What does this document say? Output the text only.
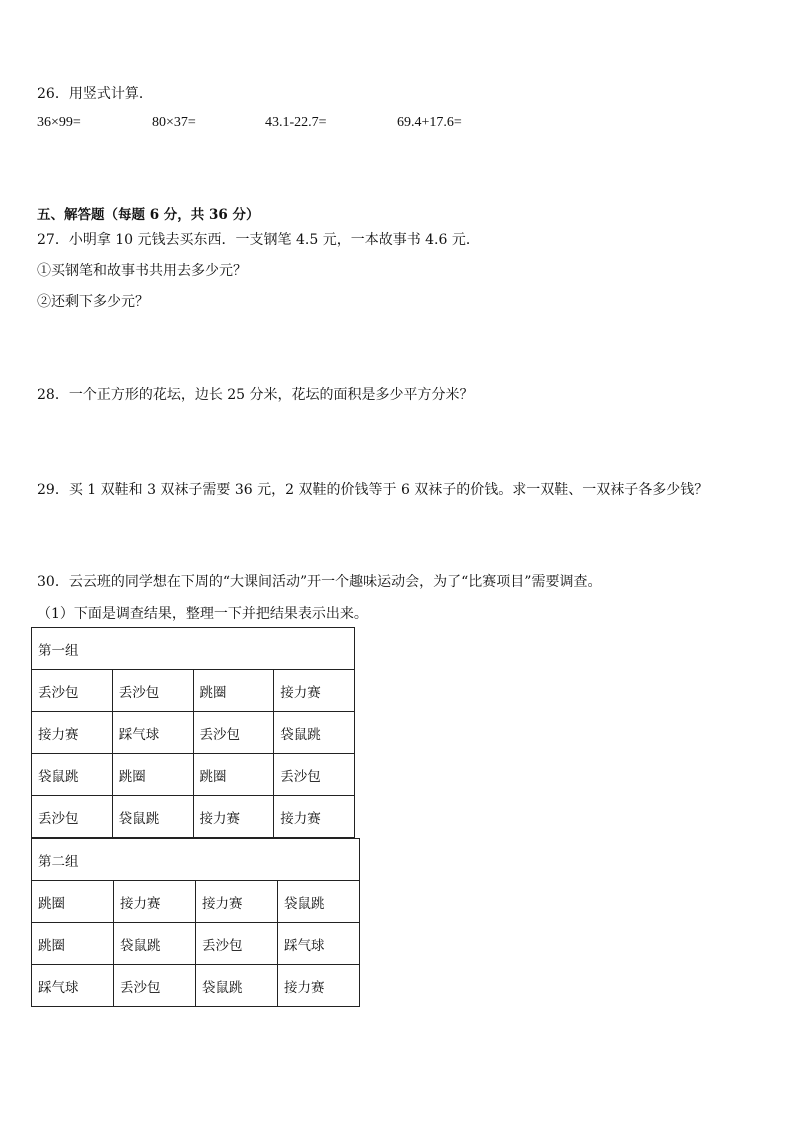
26．用竖式计算．
36×99=	80×37=	43.1-22.7=	69.4+17.6=
五、解答题（每题 6 分，共 36 分）
27．小明拿 10 元钱去买东西．一支钢笔 4.5 元，一本故事书 4.6 元．
①买钢笔和故事书共用去多少元？
②还剩下多少元？
28．一个正方形的花坛，边长 25 分米，花坛的面积是多少平方分米？
29．买 1 双鞋和 3 双袜子需要 36 元，2 双鞋的价钱等于 6 双袜子的价钱。求一双鞋、一双袜子各多少钱？
30．云云班的同学想在下周的“大课间活动”开一个趣味运动会，为了“比赛项目”需要调查。
（1）下面是调查结果，整理一下并把结果表示出来。
第一组			
丢沙包	丢沙包	跳圈	接力赛
接力赛	踩气球	丢沙包	袋鼠跳
袋鼠跳	跳圈	跳圈	丢沙包
丢沙包	袋鼠跳	接力赛	接力赛
第二组			
跳圈	接力赛	接力赛	袋鼠跳
跳圈	袋鼠跳	丢沙包	踩气球
踩气球	丢沙包	袋鼠跳	接力赛
